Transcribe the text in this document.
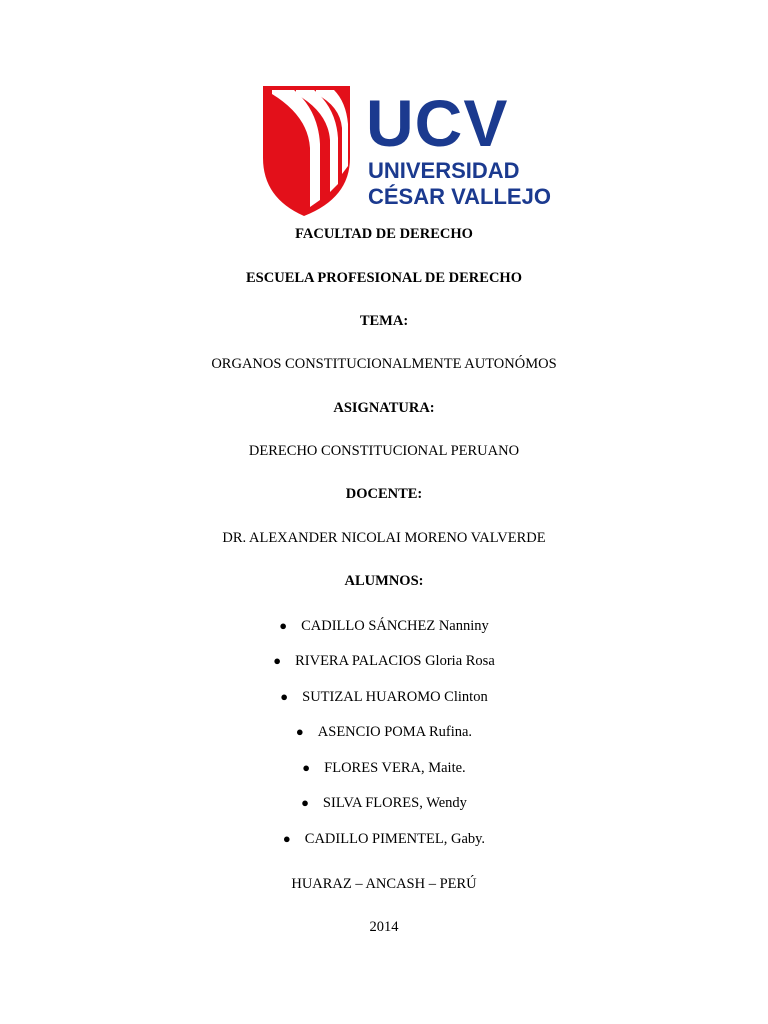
UCV
UNIVERSIDAD
CÉSAR VALLEJO
FACULTAD DE DERECHO
ESCUELA PROFESIONAL DE DERECHO
TEMA:
ORGANOS CONSTITUCIONALMENTE AUTONÓMOS
ASIGNATURA:
DERECHO CONSTITUCIONAL PERUANO
DOCENTE:
DR. ALEXANDER NICOLAI MORENO VALVERDE
ALUMNOS:
● CADILLO SÁNCHEZ Nanniny
● RIVERA PALACIOS Gloria Rosa
● SUTIZAL HUAROMO Clinton
● ASENCIO POMA Rufina.
● FLORES VERA, Maite.
● SILVA FLORES, Wendy
● CADILLO PIMENTEL, Gaby.
HUARAZ – ANCASH – PERÚ
2014
